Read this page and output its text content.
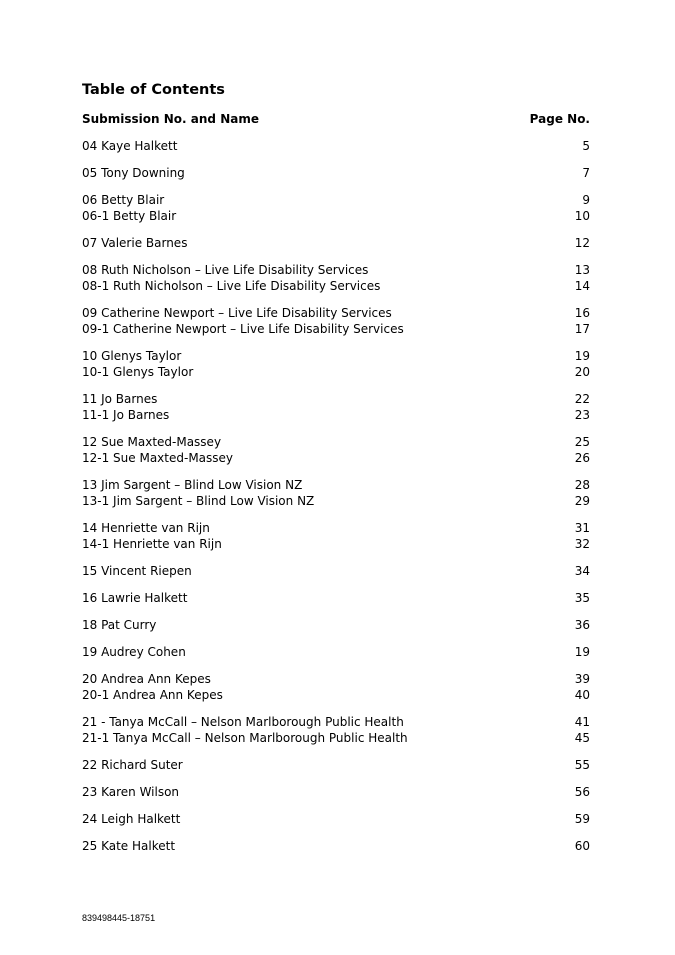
Table of Contents
Submission No. and Name	Page No.
04 Kaye Halkett	5
05 Tony Downing	7
06 Betty Blair	9
06-1 Betty Blair	10
07 Valerie Barnes	12
08 Ruth Nicholson – Live Life Disability Services	13
08-1 Ruth Nicholson – Live Life Disability Services	14
09 Catherine Newport – Live Life Disability Services	16
09-1 Catherine Newport – Live Life Disability Services	17
10 Glenys Taylor	19
10-1 Glenys Taylor	20
11 Jo Barnes	22
11-1 Jo Barnes	23
12 Sue Maxted-Massey	25
12-1 Sue Maxted-Massey	26
13 Jim Sargent – Blind Low Vision NZ	28
13-1 Jim Sargent – Blind Low Vision NZ	29
14 Henriette van Rijn	31
14-1 Henriette van Rijn	32
15 Vincent Riepen	34
16 Lawrie Halkett	35
18 Pat Curry	36
19 Audrey Cohen	19
20 Andrea Ann Kepes	39
20-1 Andrea Ann Kepes	40
21 - Tanya McCall – Nelson Marlborough Public Health	41
21-1 Tanya McCall – Nelson Marlborough Public Health	45
22 Richard Suter	55
23 Karen Wilson	56
24 Leigh Halkett	59
25 Kate Halkett	60
839498445-18751
